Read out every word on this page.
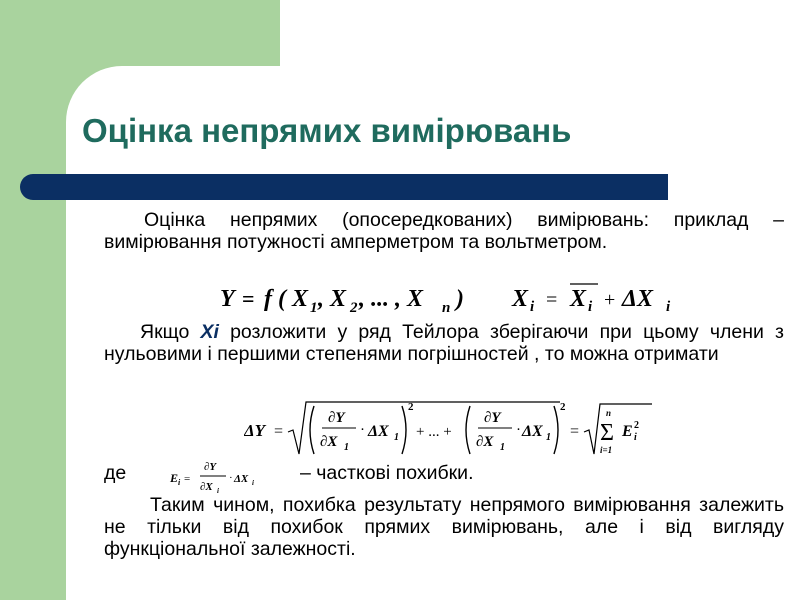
Оцінка непрямих вимірювань

Оцінка непрямих (опосередкованих) вимірювань: приклад – вимірювання потужності амперметром та вольтметром.

Y = f ( X 1 , X 2 , ... , X n ) X i = X i + ΔX i

Якщо Xi розложити у ряд Тейлора зберігаючи при цьому члени з нульовими і першими степенями погрішностей , то можна отримати

ΔY =
∂Y
∂X 1
· ΔX 1
2
+ ... +
∂Y
∂X 1
· ΔX 1
2
=
n
Σ
i=1
E i
2
де	E i =
∂Y
∂X i
· ΔX i – часткові похибки.

Таким чином, похибка результату непрямого вимірювання залежить не тільки від похибок прямих вимірювань, але і від вигляду функціональної залежності.
